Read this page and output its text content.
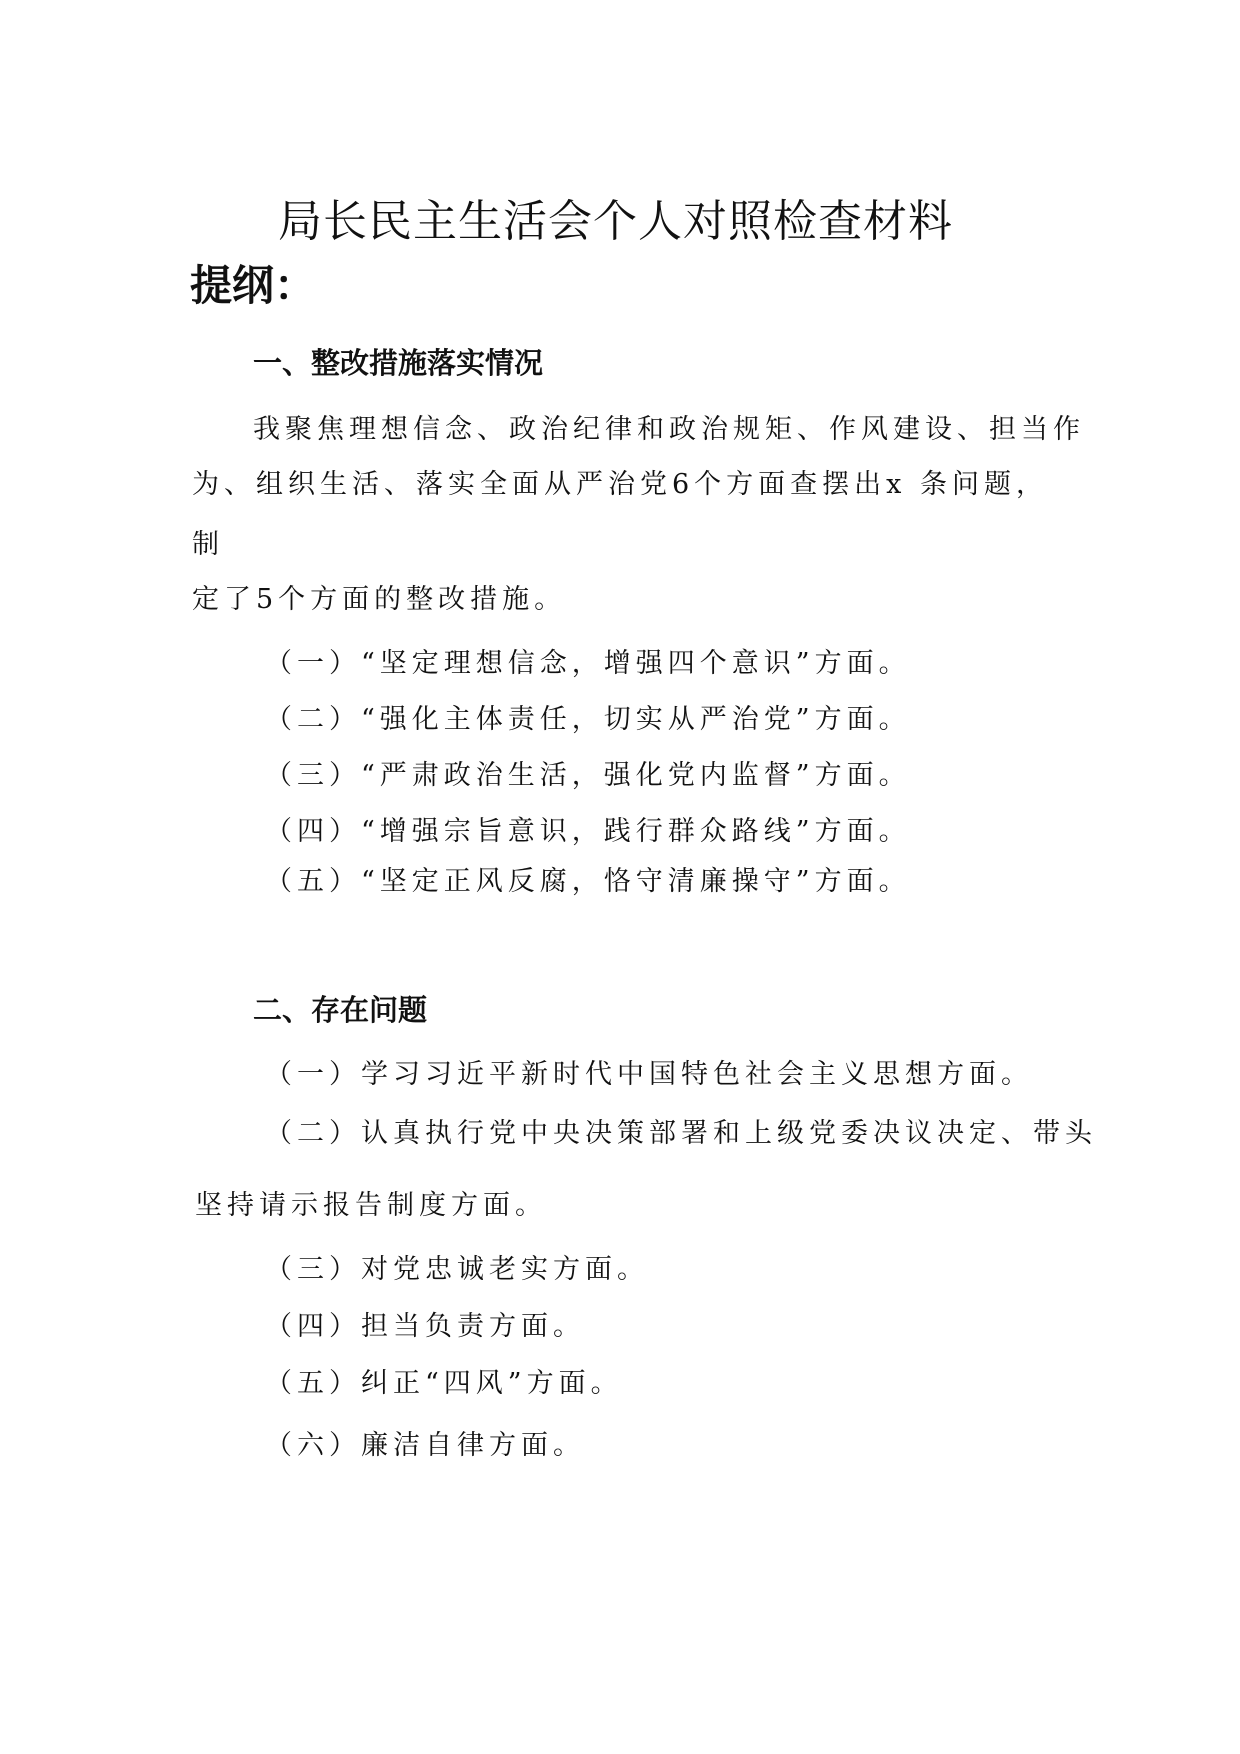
局长民主生活会个人对照检查材料
提纲：
一、整改措施落实情况

我聚焦理想信念、政治纪律和政治规矩、作风建设、担当作

为、组织生活、落实全面从严治党6个方面查摆出x 条问题，

制

定了5个方面的整改措施。

（一）“坚定理想信念，增强四个意识”方面。

（二）“强化主体责任，切实从严治党”方面。

（三）“严肃政治生活，强化党内监督”方面。

（四）“增强宗旨意识，践行群众路线”方面。

（五）“坚定正风反腐，恪守清廉操守”方面。

二、存在问题

（一）学习习近平新时代中国特色社会主义思想方面。

（二）认真执行党中央决策部署和上级党委决议决定、带头

坚持请示报告制度方面。

（三）对党忠诚老实方面。

（四）担当负责方面。

（五）纠正“四风”方面。

（六）廉洁自律方面。
